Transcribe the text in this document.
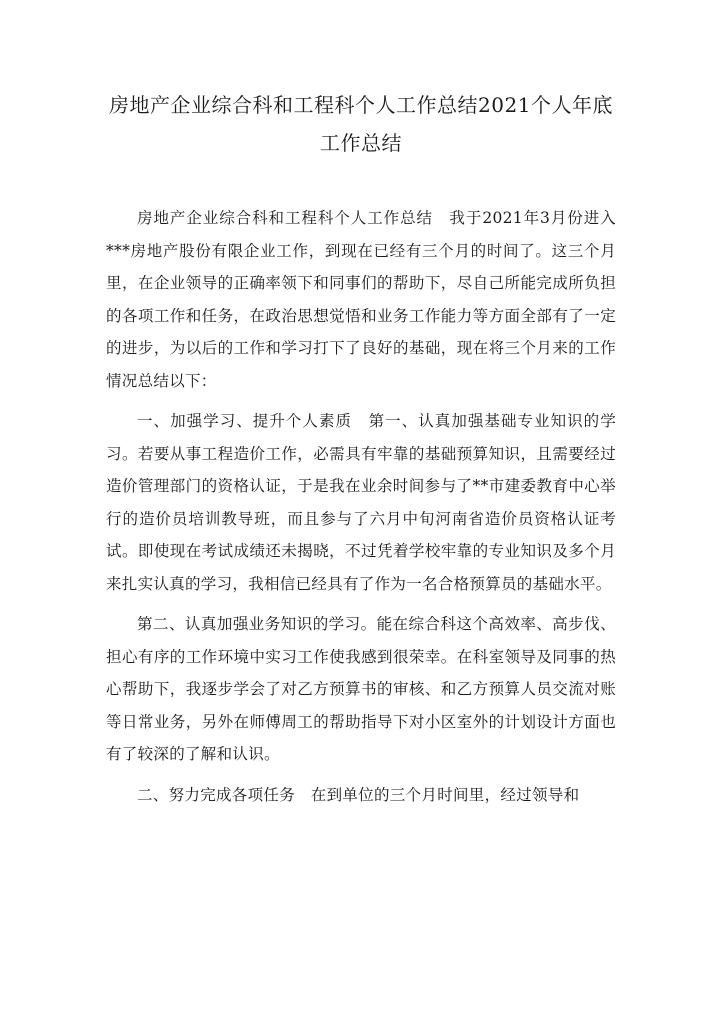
房地产企业综合科和工程科个人工作总结2021个人年底工作总结

房地产企业综合科和工程科个人工作总结　我于2021年3月份进入***房地产股份有限企业工作，到现在已经有三个月的时间了。这三个月里，在企业领导的正确率领下和同事们的帮助下，尽自己所能完成所负担的各项工作和任务，在政治思想觉悟和业务工作能力等方面全部有了一定的进步，为以后的工作和学习打下了良好的基础，现在将三个月来的工作情况总结以下：

一、加强学习、提升个人素质　第一、认真加强基础专业知识的学习。若要从事工程造价工作，必需具有牢靠的基础预算知识，且需要经过造价管理部门的资格认证，于是我在业余时间参与了**市建委教育中心举行的造价员培训教导班，而且参与了六月中旬河南省造价员资格认证考试。即使现在考试成绩还未揭晓，不过凭着学校牢靠的专业知识及多个月来扎实认真的学习，我相信已经具有了作为一名合格预算员的基础水平。

第二、认真加强业务知识的学习。能在综合科这个高效率、高步伐、担心有序的工作环境中实习工作使我感到很荣幸。在科室领导及同事的热心帮助下，我逐步学会了对乙方预算书的审核、和乙方预算人员交流对账等日常业务，另外在师傅周工的帮助指导下对小区室外的计划设计方面也有了较深的了解和认识。

二、努力完成各项任务　在到单位的三个月时间里，经过领导和
